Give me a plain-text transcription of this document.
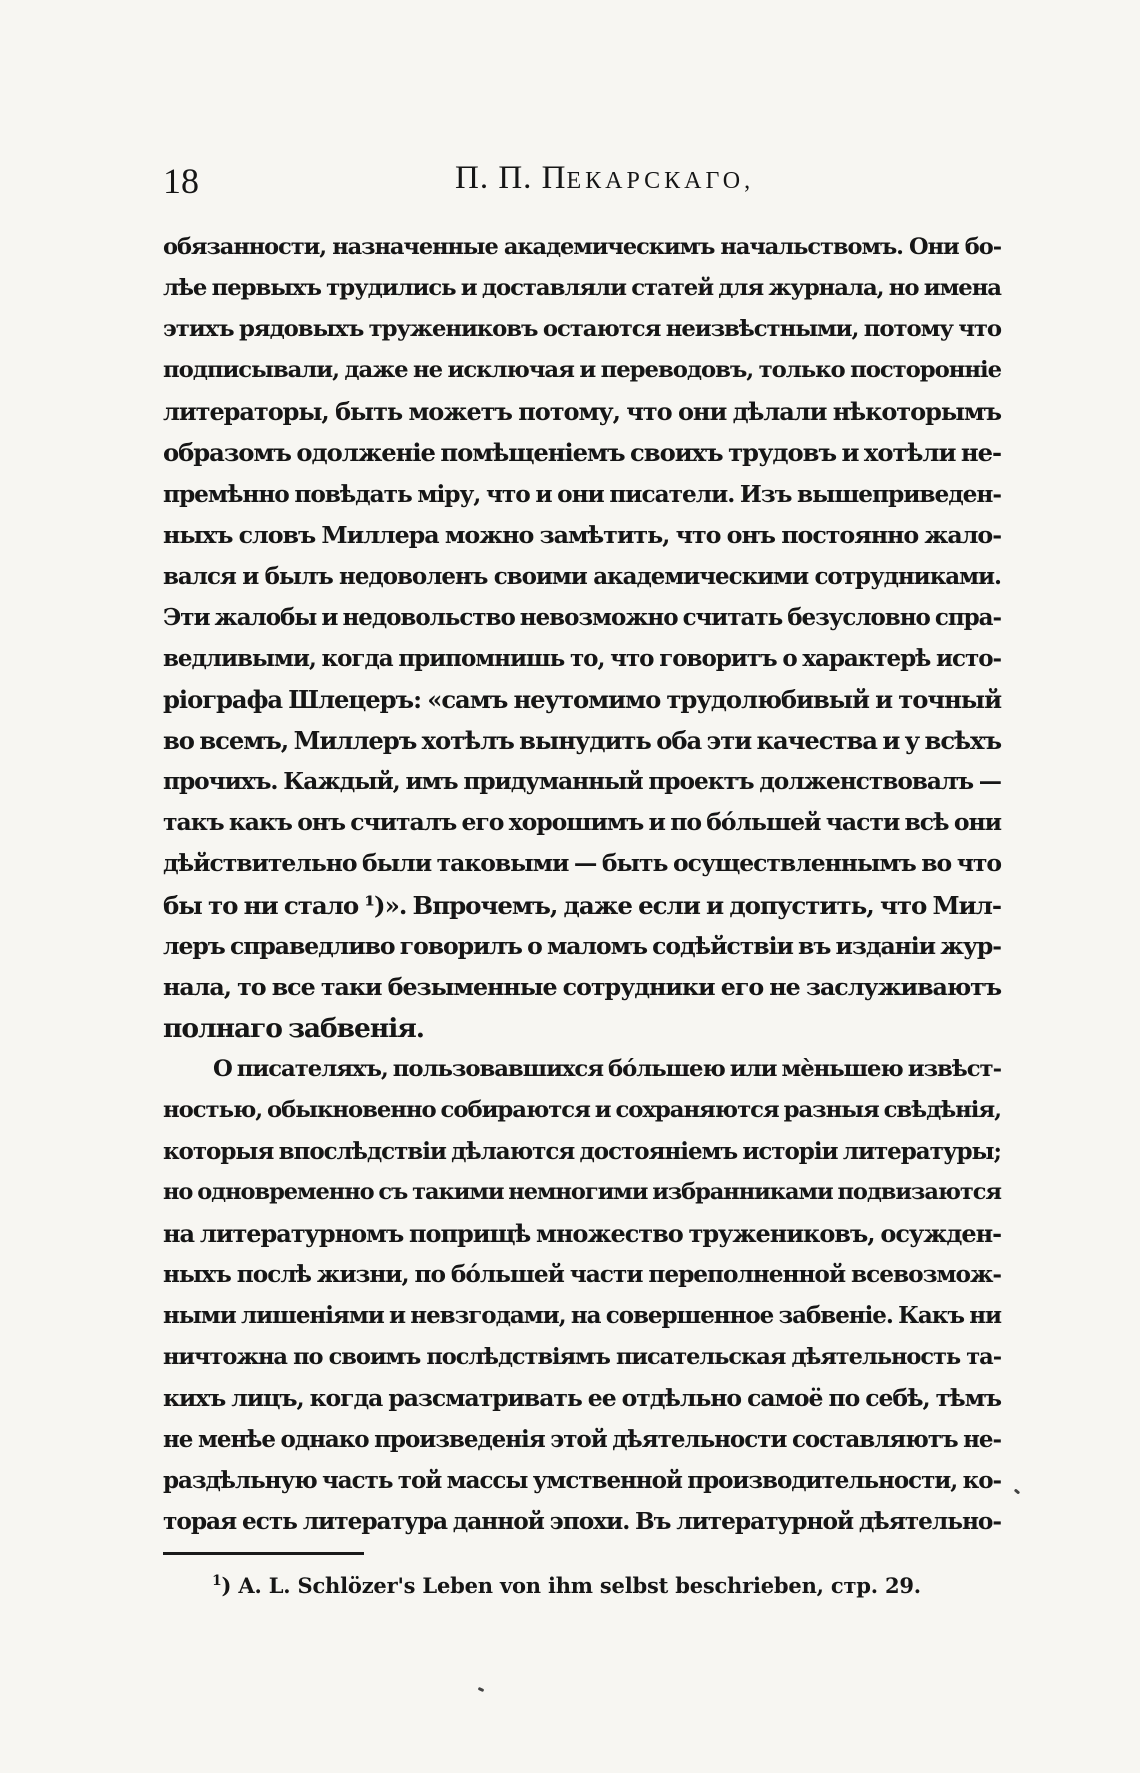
18	П. П. ПЕКАРСКАГО,
обязанности, назначенные академическимъ начальствомъ. Они бо-
лѣе первыхъ трудились и доставляли статей для журнала, но имена
этихъ рядовыхъ тружениковъ остаются неизвѣстными, потому что
подписывали, даже не исключая и переводовъ, только посторонніе
литераторы, быть можетъ потому, что они дѣлали нѣкоторымъ
образомъ одолженіе помѣщеніемъ своихъ трудовъ и хотѣли не-
премѣнно повѣдать міру, что и они писатели. Изъ вышеприведен-
ныхъ словъ Миллера можно замѣтить, что онъ постоянно жало-
вался и былъ недоволенъ своими академическими сотрудниками.
Эти жалобы и недовольство невозможно считать безусловно спра-
ведливыми, когда припомнишь то, что говоритъ о характерѣ исто-
ріографа Шлецеръ: «самъ неутомимо трудолюбивый и точный
во всемъ, Миллеръ хотѣлъ вынудить оба эти качества и у всѣхъ
прочихъ. Каждый, имъ придуманный проектъ долженствовалъ —
такъ какъ онъ считалъ его хорошимъ и по бóльшей части всѣ они
дѣйствительно были таковыми — быть осуществленнымъ во что
бы то ни стало ¹)». Впрочемъ, даже если и допустить, что Мил-
леръ справедливо говорилъ о маломъ содѣйствіи въ изданіи жур-
нала, то все таки безыменные сотрудники его не заслуживаютъ
полнаго забвенія.
О писателяхъ, пользовавшихся бóльшею или мѐньшею извѣст-
ностью, обыкновенно собираются и сохраняются разныя свѣдѣнія,
которыя впослѣдствіи дѣлаются достояніемъ исторіи литературы;
но одновременно съ такими немногими избранниками подвизаются
на литературномъ поприщѣ множество тружениковъ, осужден-
ныхъ послѣ жизни, по бóльшей части переполненной всевозмож-
ными лишеніями и невзгодами, на совершенное забвеніе. Какъ ни
ничтожна по своимъ послѣдствіямъ писательская дѣятельность та-
кихъ лицъ, когда разсматривать ее отдѣльно самоё по себѣ, тѣмъ
не менѣе однако произведенія этой дѣятельности составляютъ не-
раздѣльную часть той массы умственной производительности, ко-
торая есть литература данной эпохи. Въ литературной дѣятельно-
$^1$) A. L. Schlözer's Leben von ihm selbst beschrieben, стр. 29.
